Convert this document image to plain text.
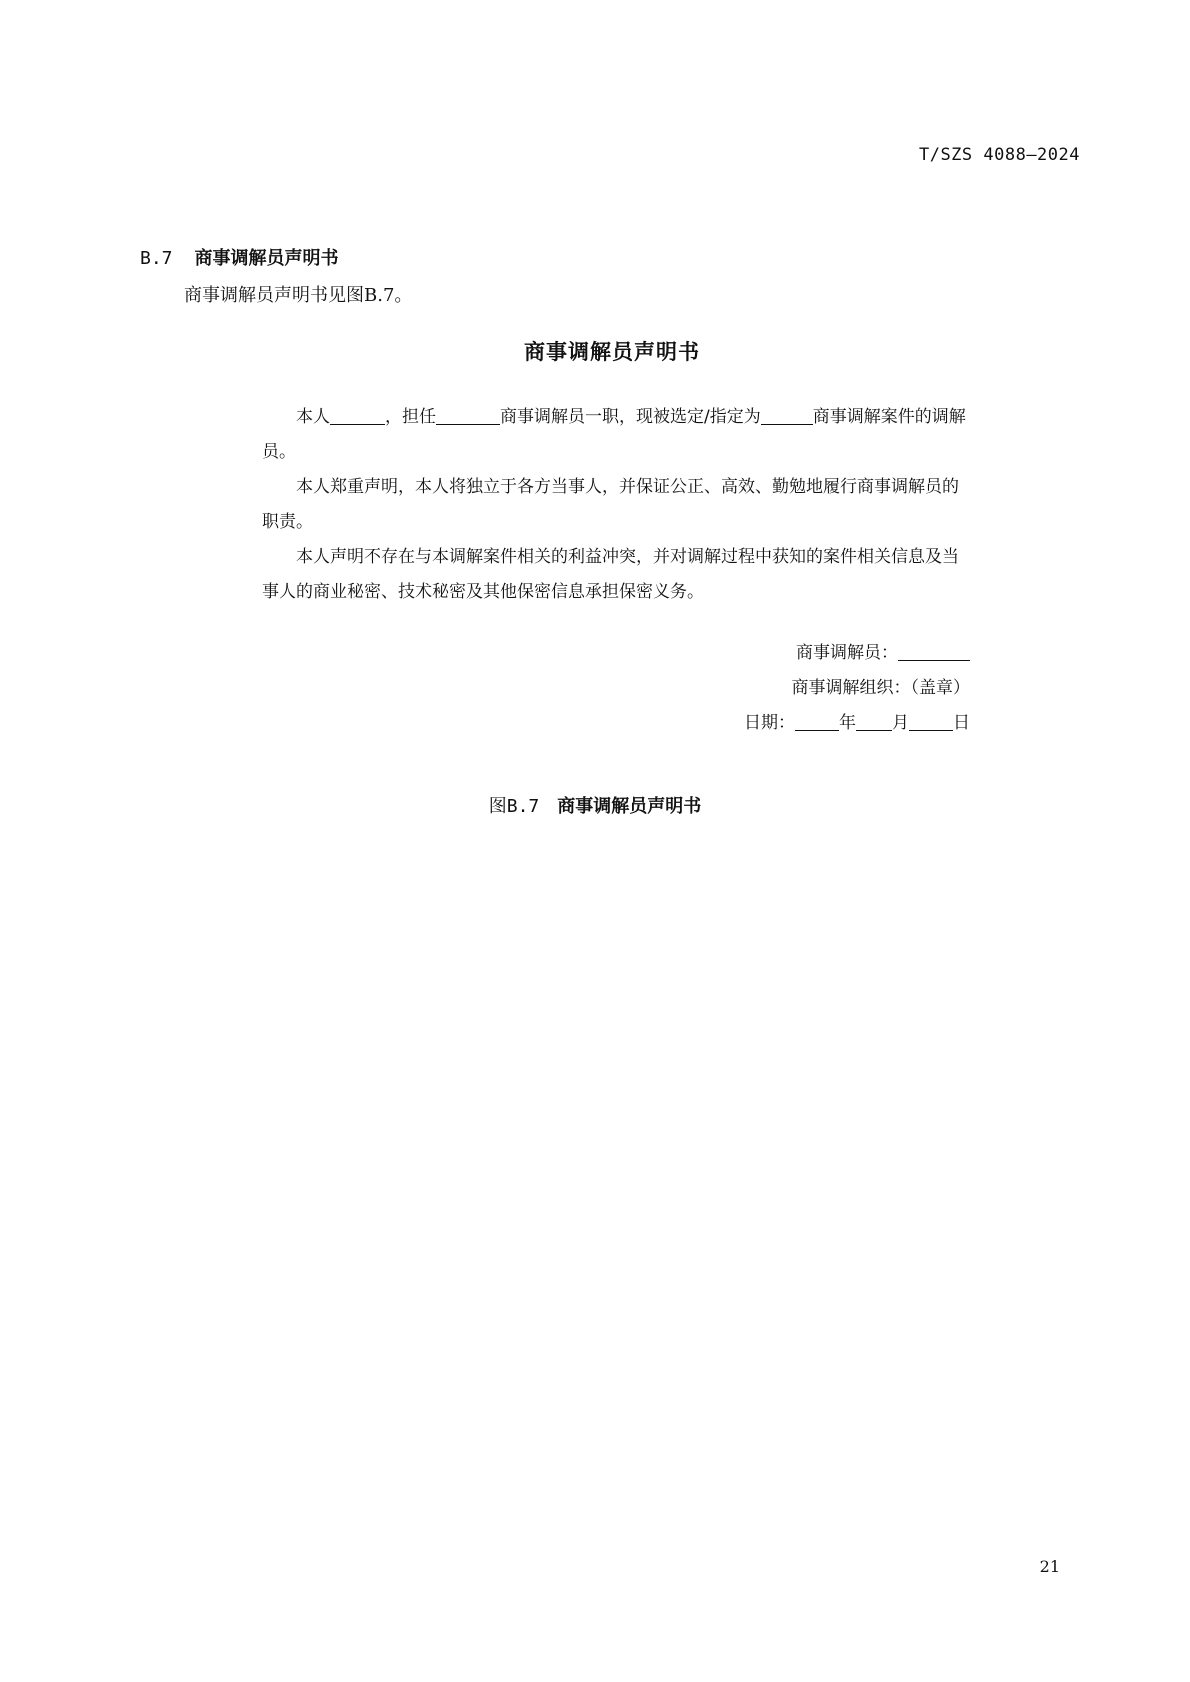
T/SZS 4088—2024
B.7 商事调解员声明书
商事调解员声明书见图B.7。
商事调解员声明书

本人	，担任	商事调解员一职，现被选定/指定为	商事调解案件的调解员。

本人郑重声明，本人将独立于各方当事人，并保证公正、高效、勤勉地履行商事调解员的职责。

本人声明不存在与本调解案件相关的利益冲突，并对调解过程中获知的案件相关信息及当事人的商业秘密、技术秘密及其他保密信息承担保密义务。

商事调解员：
商事调解组织：（盖章）
日期：	年 月	日
图B.7 商事调解员声明书
21
